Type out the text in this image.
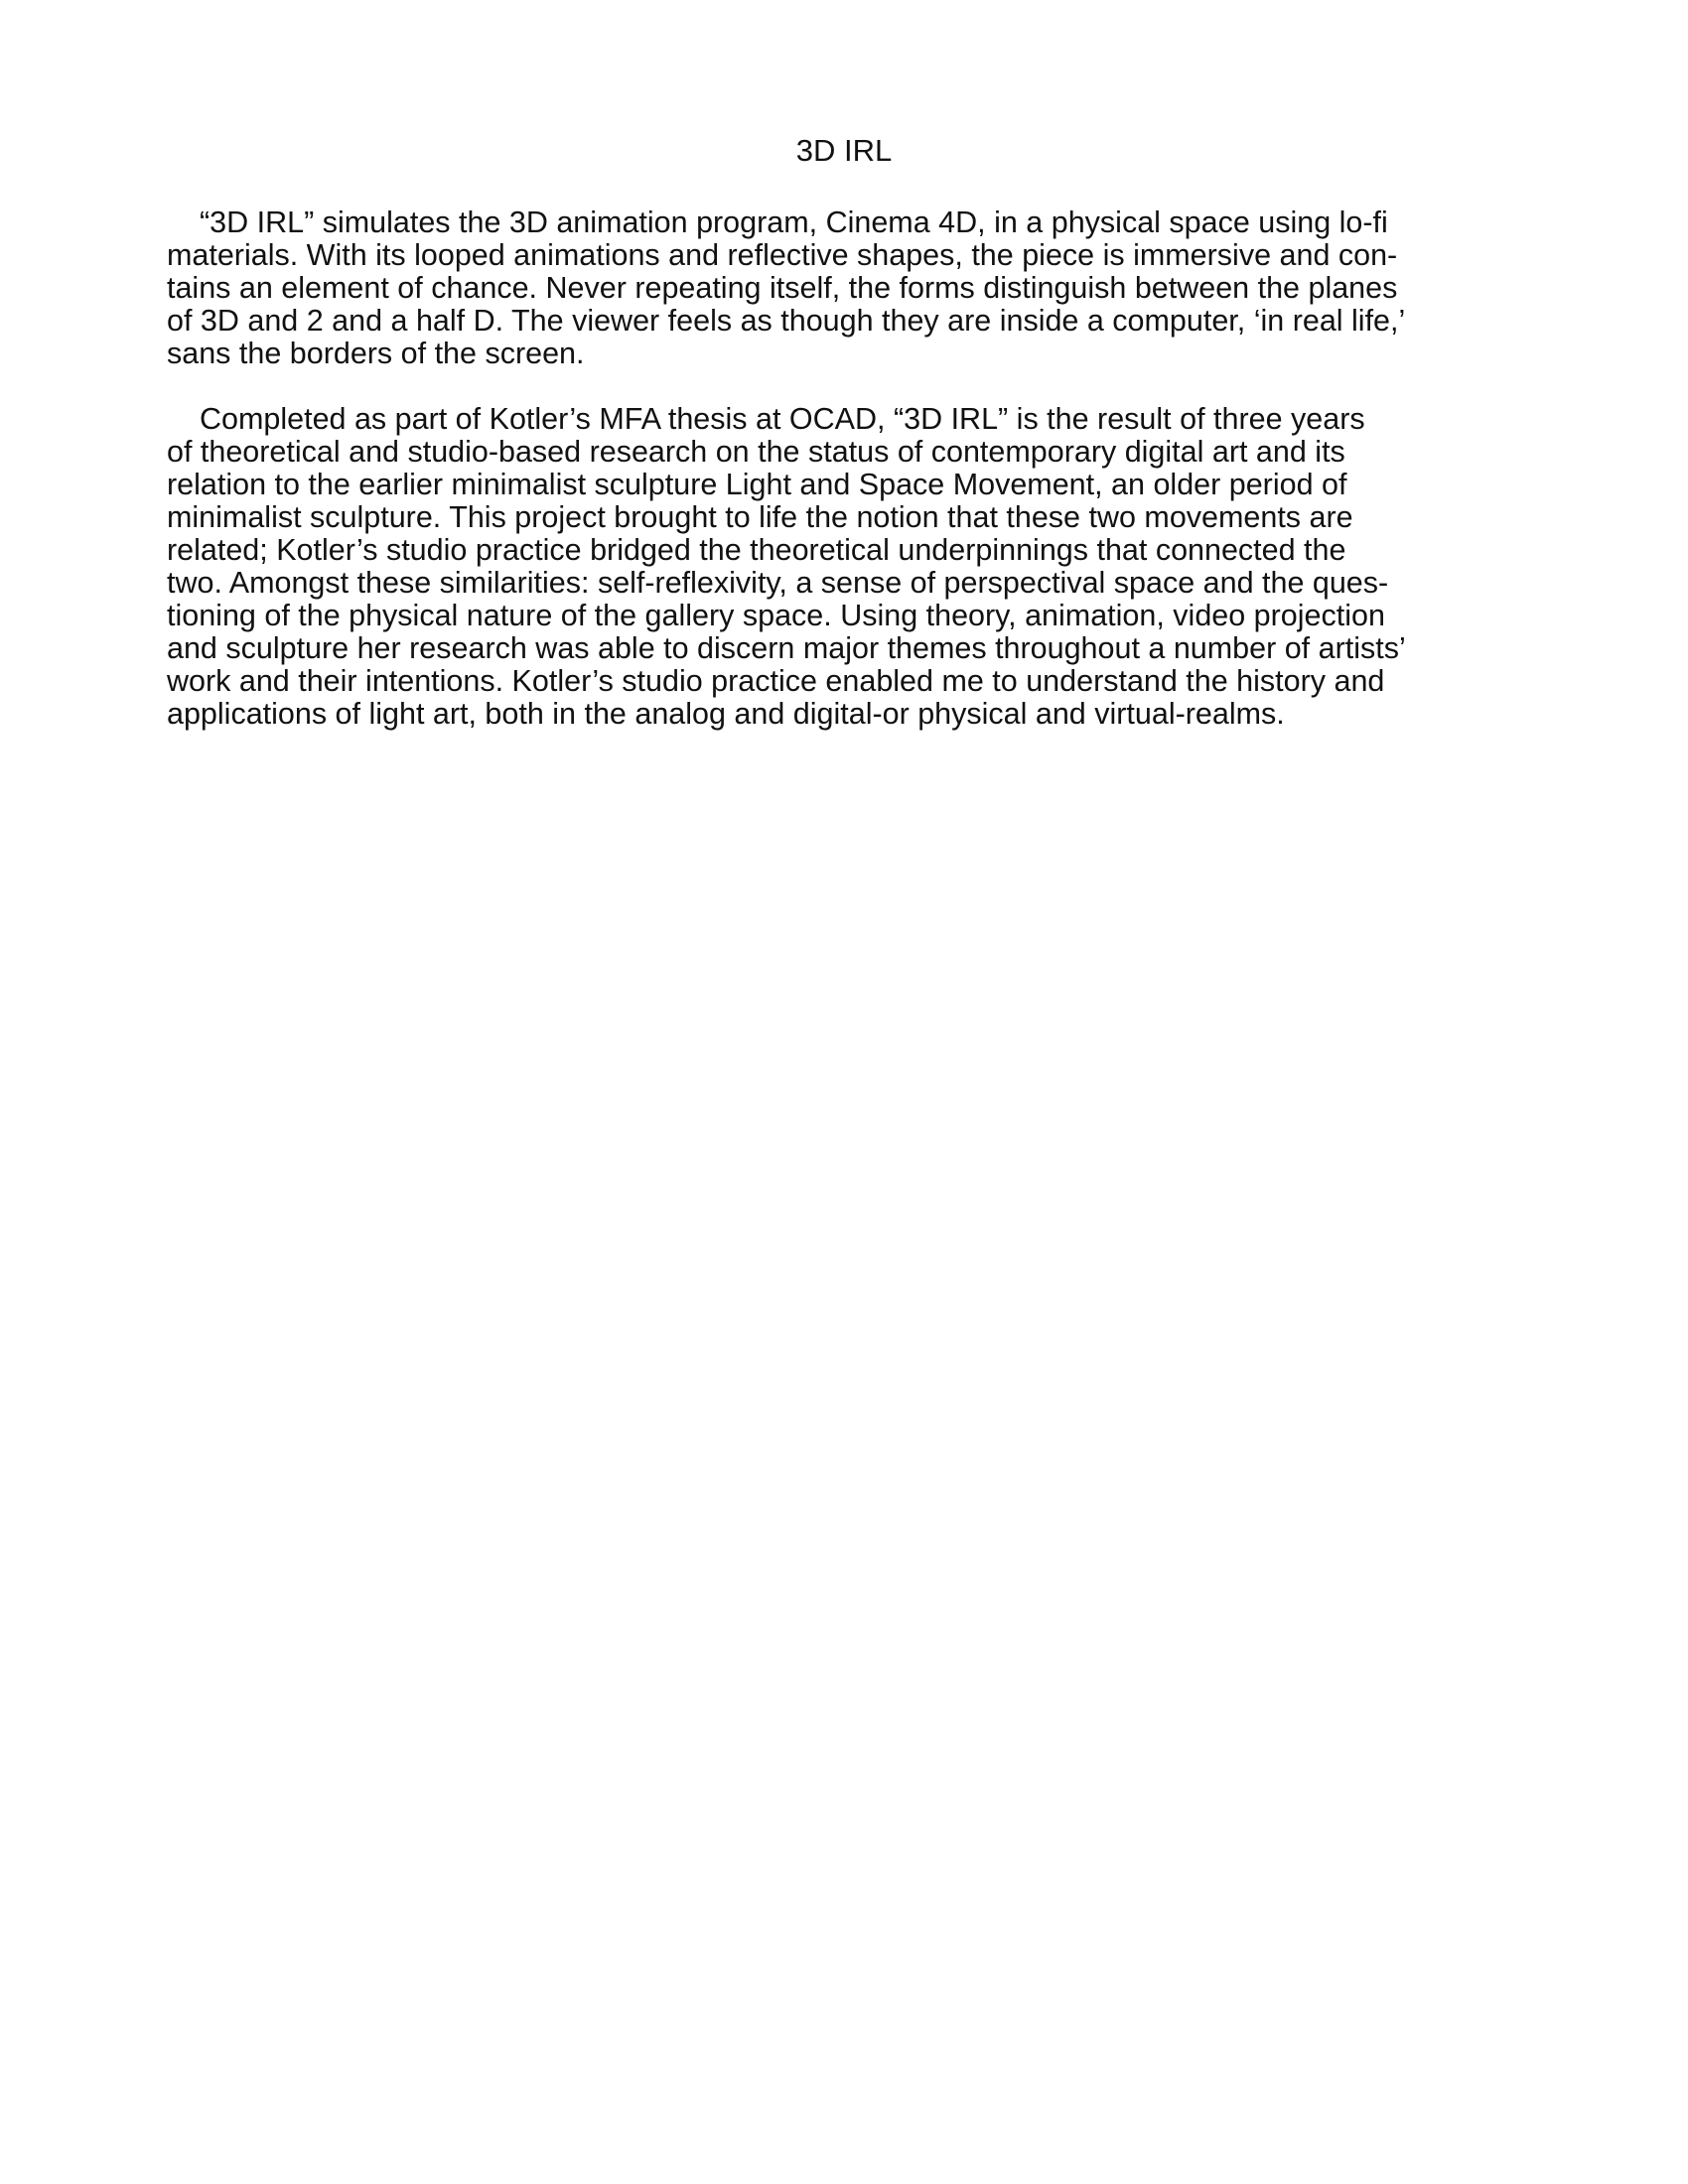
3D IRL

“3D IRL” simulates the 3D animation program, Cinema 4D, in a physical space using lo-fi
materials. With its looped animations and reflective shapes, the piece is immersive and con-
tains an element of chance. Never repeating itself, the forms distinguish between the planes
of 3D and 2 and a half D. The viewer feels as though they are inside a computer, ‘in real life,’
sans the borders of the screen.

Completed as part of Kotler’s MFA thesis at OCAD, “3D IRL” is the result of three years
of theoretical and studio-based research on the status of contemporary digital art and its
relation to the earlier minimalist sculpture Light and Space Movement, an older period of
minimalist sculpture. This project brought to life the notion that these two movements are
related; Kotler’s studio practice bridged the theoretical underpinnings that connected the
two. Amongst these similarities: self-reflexivity, a sense of perspectival space and the ques-
tioning of the physical nature of the gallery space. Using theory, animation, video projection
and sculpture her research was able to discern major themes throughout a number of artists’
work and their intentions. Kotler’s studio practice enabled me to understand the history and
applications of light art, both in the analog and digital-or physical and virtual-realms.
